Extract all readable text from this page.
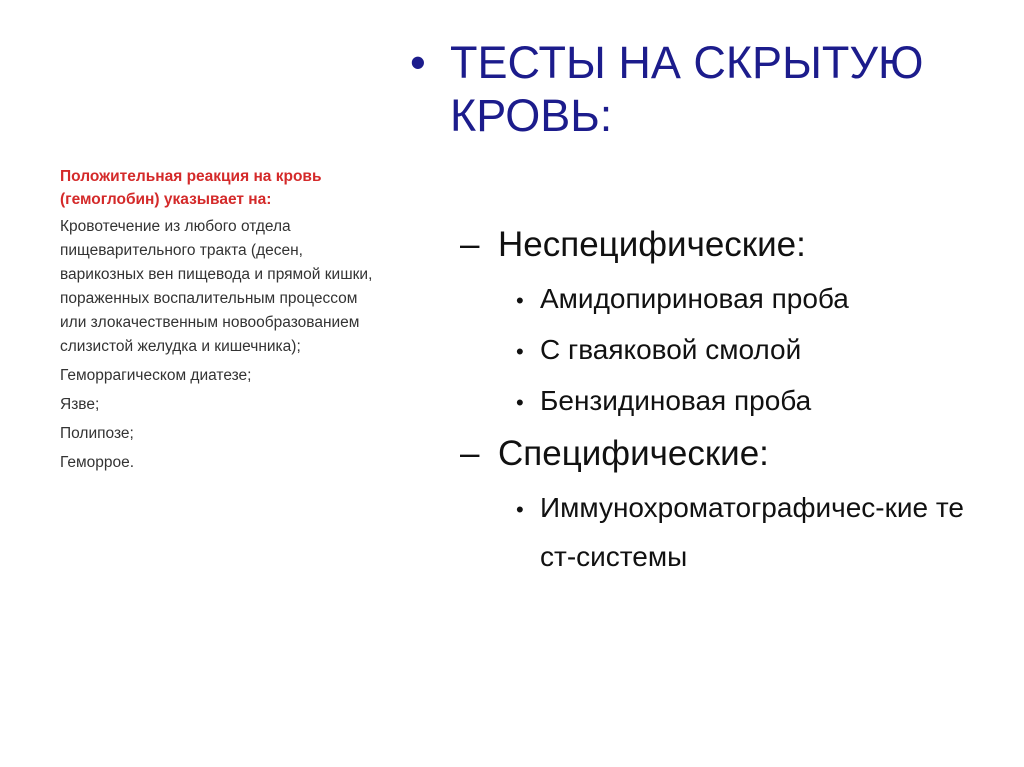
• ТЕСТЫ НА СКРЫТУЮ
КРОВЬ:
Положительная реакция на кровь (гемоглобин) указывает на:

Кровотечение из любого отдела пищеварительного тракта (десен, варикозных вен пищевода и прямой кишки, пораженных воспалительным процессом или злокачественным новообразованием слизистой желудка и кишечника);

Геморрагическом диатезе;

Язве;

Полипозе;

Геморрое.

– Неспецифические:
• Амидопириновая проба
• С гваяковой смолой
• Бензидиновая проба
– Специфические:
• Иммунохроматографичес-кие тест-системы
